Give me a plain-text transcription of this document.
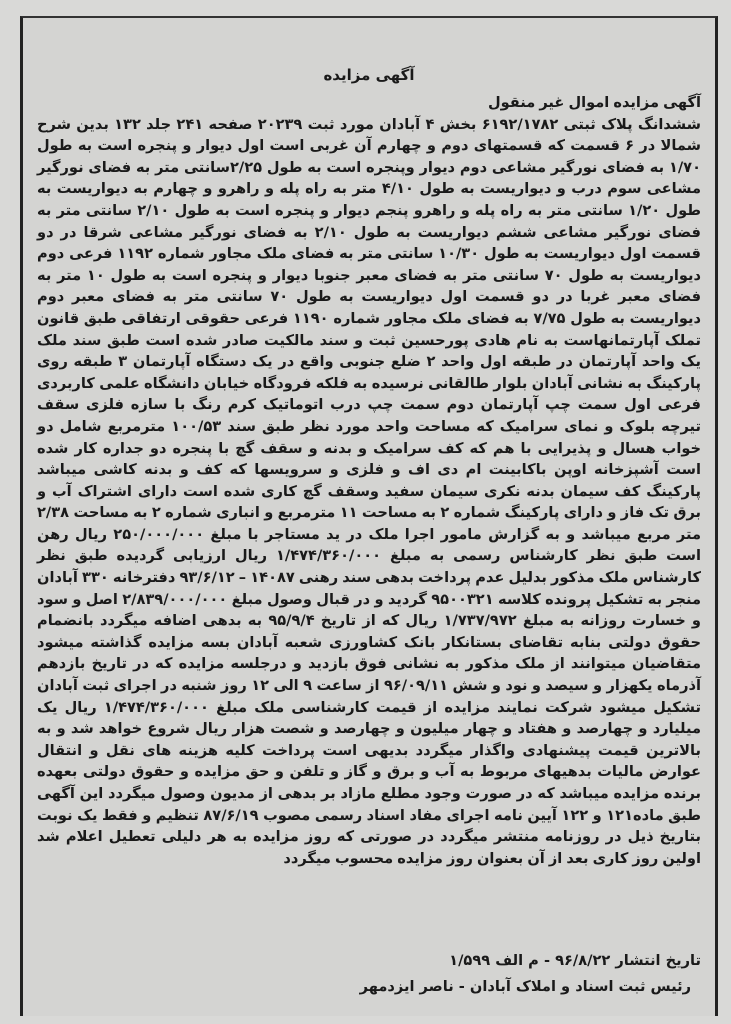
آگهی مزایده

آگهی مزایده اموال غیر منقول

ششدانگ پلاک ثبتی ۶۱۹۲/۱۷۸۲ بخش ۴ آبادان مورد ثبت ۲۰۲۳۹ صفحه ۲۴۱ جلد ۱۳۲ بدین شرح شمالا در ۶ قسمت که قسمتهای دوم و چهارم آن غربی است اول دیوار و پنجره است به طول ۱/۷۰ به فضای نورگیر مشاعی دوم دیوار وپنجره است به طول ۲/۲۵سانتی متر به فضای نورگیر مشاعی سوم درب و دیواریست به طول ۴/۱۰ متر به راه پله و راهرو و چهارم به دیواریست به طول ۱/۲۰ سانتی متر به راه پله و راهرو پنجم دیوار و پنجره است به طول ۲/۱۰ سانتی متر به فضای نورگیر مشاعی ششم دیواریست به طول ۲/۱۰ به فضای نورگیر مشاعی شرقا در دو قسمت اول دیواریست به طول ۱۰/۳۰ سانتی متر به فضای ملک مجاور شماره ۱۱۹۲ فرعی دوم دیواریست به طول ۷۰ سانتی متر به فضای معبر جنوبا دیوار و پنجره است به طول ۱۰ متر به فضای معبر غربا در دو قسمت اول دیواریست به طول ۷۰ سانتی متر به فضای معبر دوم دیواریست به طول ۷/۷۵ به فضای ملک مجاور شماره ۱۱۹۰ فرعی حقوقی ارتفاقی طبق قانون تملک آپارتمانهاست به نام هادی پورحسین ثبت و سند مالکیت صادر شده است طبق سند ملک یک واحد آپارتمان در طبقه اول واحد ۲ ضلع جنوبی واقع در یک دستگاه آپارتمان ۳ طبقه روی پارکینگ به نشانی آبادان بلوار طالقانی نرسیده به فلکه فرودگاه خیابان دانشگاه علمی کاربردی فرعی اول سمت چپ آپارتمان دوم سمت چپ درب اتوماتیک کرم رنگ با سازه فلزی سقف تیرچه بلوک و نمای سرامیک که مساحت واحد مورد نظر طبق سند ۱۰۰/۵۳ مترمربع شامل دو خواب هسال و پذیرایی با هم که کف سرامیک و بدنه و سقف گچ با پنجره دو جداره کار شده است آشپزخانه اوپن باکابینت ام دی اف و فلزی و سرویسها که کف و بدنه کاشی میباشد پارکینگ کف سیمان بدنه نکری سیمان سفید وسقف گچ کاری شده است دارای اشتراک آب و برق تک فاز و دارای پارکینگ شماره ۲ به مساحت ۱۱ مترمربع و انباری شماره ۲ به مساحت ۲/۳۸ متر مربع میباشد و به گزارش مامور اجرا ملک در ید مستاجر با مبلغ ۲۵۰/۰۰۰/۰۰۰ ریال رهن است طبق نظر کارشناس رسمی به مبلغ ۱/۴۷۴/۳۶۰/۰۰۰ ریال ارزیابی گردیده طبق نظر کارشناس ملک مذکور بدلیل عدم پرداخت بدهی سند رهنی ۱۴۰۸۷ – ۹۳/۶/۱۲ دفترخانه ۳۳۰ آبادان منجر به تشکیل پرونده کلاسه ۹۵۰۰۳۲۱ گردید و در قبال وصول مبلغ ۲/۸۳۹/۰۰۰/۰۰۰ اصل و سود و خسارت روزانه به مبلغ ۱/۷۳۷/۹۷۲ ریال که از تاریخ ۹۵/۹/۴ به بدهی اضافه میگردد بانضمام حقوق دولتی بنابه تقاضای بستانکار بانک کشاورزی شعبه آبادان بسه مزایده گذاشته میشود متقاضیان میتوانند از ملک مذکور به نشانی فوق بازدید و درجلسه مزایده که در تاریخ بازدهم آذرماه یکهزار و سیصد و نود و شش ۹۶/۰۹/۱۱ از ساعت ۹ الی ۱۲ روز شنبه در اجرای ثبت آبادان تشکیل میشود شرکت نمایند مزایده از قیمت کارشناسی ملک مبلغ ۱/۴۷۴/۳۶۰/۰۰۰ ریال یک میلیارد و چهارصد و هفتاد و چهار میلیون و چهارصد و شصت هزار ریال شروع خواهد شد و به بالاترین قیمت پیشنهادی واگذار میگردد بدیهی است پرداخت کلیه هزینه های نقل و انتقال عوارض مالیات بدهیهای مربوط به آب و برق و گاز و تلفن و حق مزایده و حقوق دولتی بعهده برنده مزایده میباشد که در صورت وجود مطلع مازاد بر بدهی از مدیون وصول میگردد این آگهی طبق ماده۱۲۱ و ۱۲۲ آیین نامه اجرای مفاد اسناد رسمی مصوب ۸۷/۶/۱۹ تنظیم و فقط یک نوبت بتاریخ ذیل در روزنامه منتشر میگردد در صورتی که روز مزایده به هر دلیلی تعطیل اعلام شد اولین روز کاری بعد از آن بعنوان روز مزایده محسوب میگردد

تاریخ انتشار ۹۶/۸/۲۲ - م الف ۱/۵۹۹
رئیس ثبت اسناد و املاک آبادان - ناصر ایزدمهر
